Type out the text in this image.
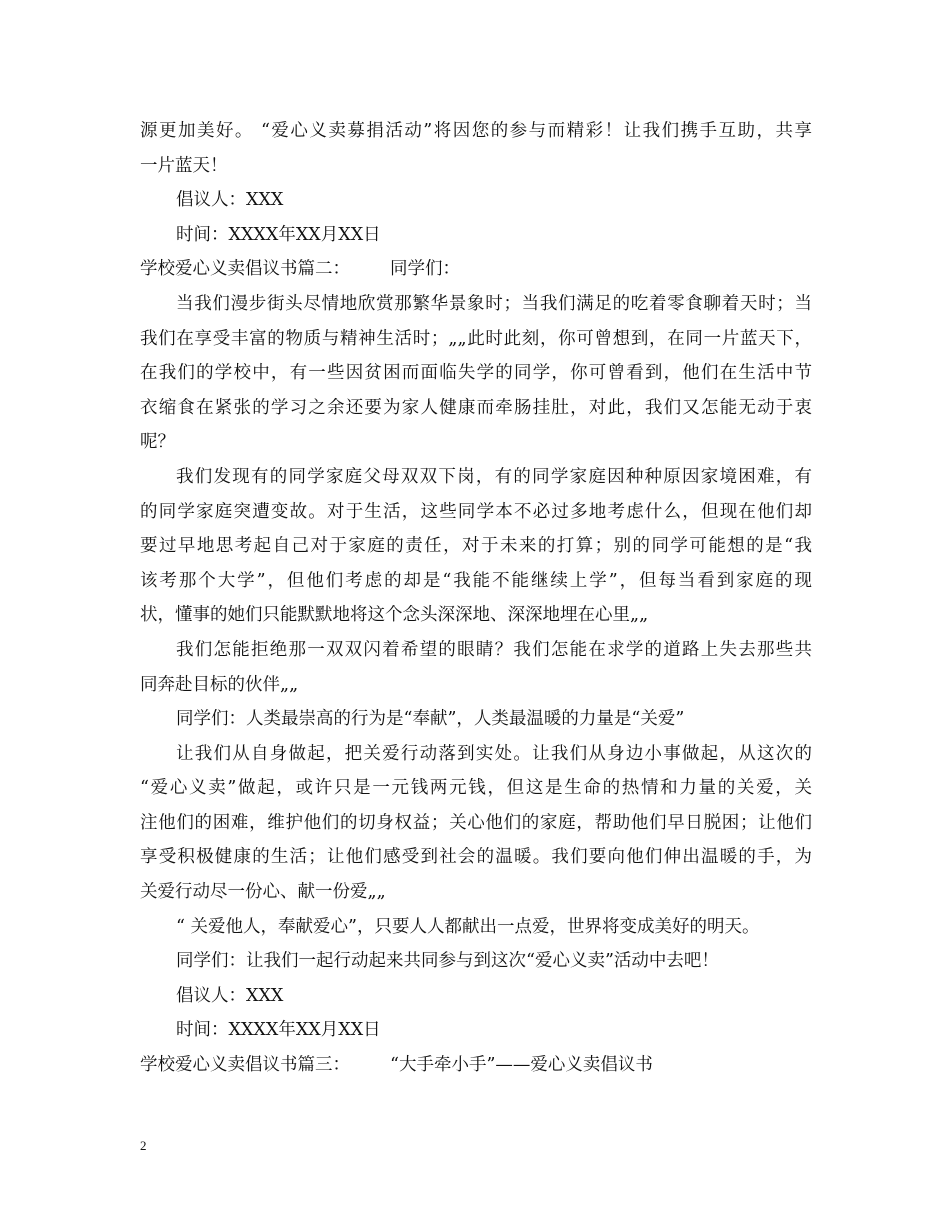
源更加美好。 “爱心义卖募捐活动”将因您的参与而精彩！让我们携手互助，共享
一片蓝天！
倡议人：XXX
时间：XXXX年XX月XX日
学校爱心义卖倡议书篇二： 同学们：
当我们漫步街头尽情地欣赏那繁华景象时；当我们满足的吃着零食聊着天时；当
我们在享受丰富的物质与精神生活时；„„此时此刻，你可曾想到，在同一片蓝天下，
在我们的学校中，有一些因贫困而面临失学的同学，你可曾看到，他们在生活中节
衣缩食在紧张的学习之余还要为家人健康而牵肠挂肚，对此，我们又怎能无动于衷
呢？
我们发现有的同学家庭父母双双下岗，有的同学家庭因种种原因家境困难，有
的同学家庭突遭变故。对于生活，这些同学本不必过多地考虑什么，但现在他们却
要过早地思考起自己对于家庭的责任，对于未来的打算；别的同学可能想的是“我
该考那个大学”，但他们考虑的却是“我能不能继续上学”，但每当看到家庭的现
状，懂事的她们只能默默地将这个念头深深地、深深地埋在心里„„
我们怎能拒绝那一双双闪着希望的眼睛？我们怎能在求学的道路上失去那些共
同奔赴目标的伙伴„„
同学们：人类最崇高的行为是“奉献”，人类最温暖的力量是“关爱”
让我们从自身做起，把关爱行动落到实处。让我们从身边小事做起，从这次的
“爱心义卖”做起，或许只是一元钱两元钱，但这是生命的热情和力量的关爱，关
注他们的困难，维护他们的切身权益；关心他们的家庭，帮助他们早日脱困；让他们
享受积极健康的生活；让他们感受到社会的温暖。我们要向他们伸出温暖的手，为
关爱行动尽一份心、献一份爱„„
“ 关爱他人，奉献爱心”，只要人人都献出一点爱，世界将变成美好的明天。
同学们：让我们一起行动起来共同参与到这次“爱心义卖”活动中去吧！
倡议人：XXX
时间：XXXX年XX月XX日
学校爱心义卖倡议书篇三： “大手牵小手”——爱心义卖倡议书
2
